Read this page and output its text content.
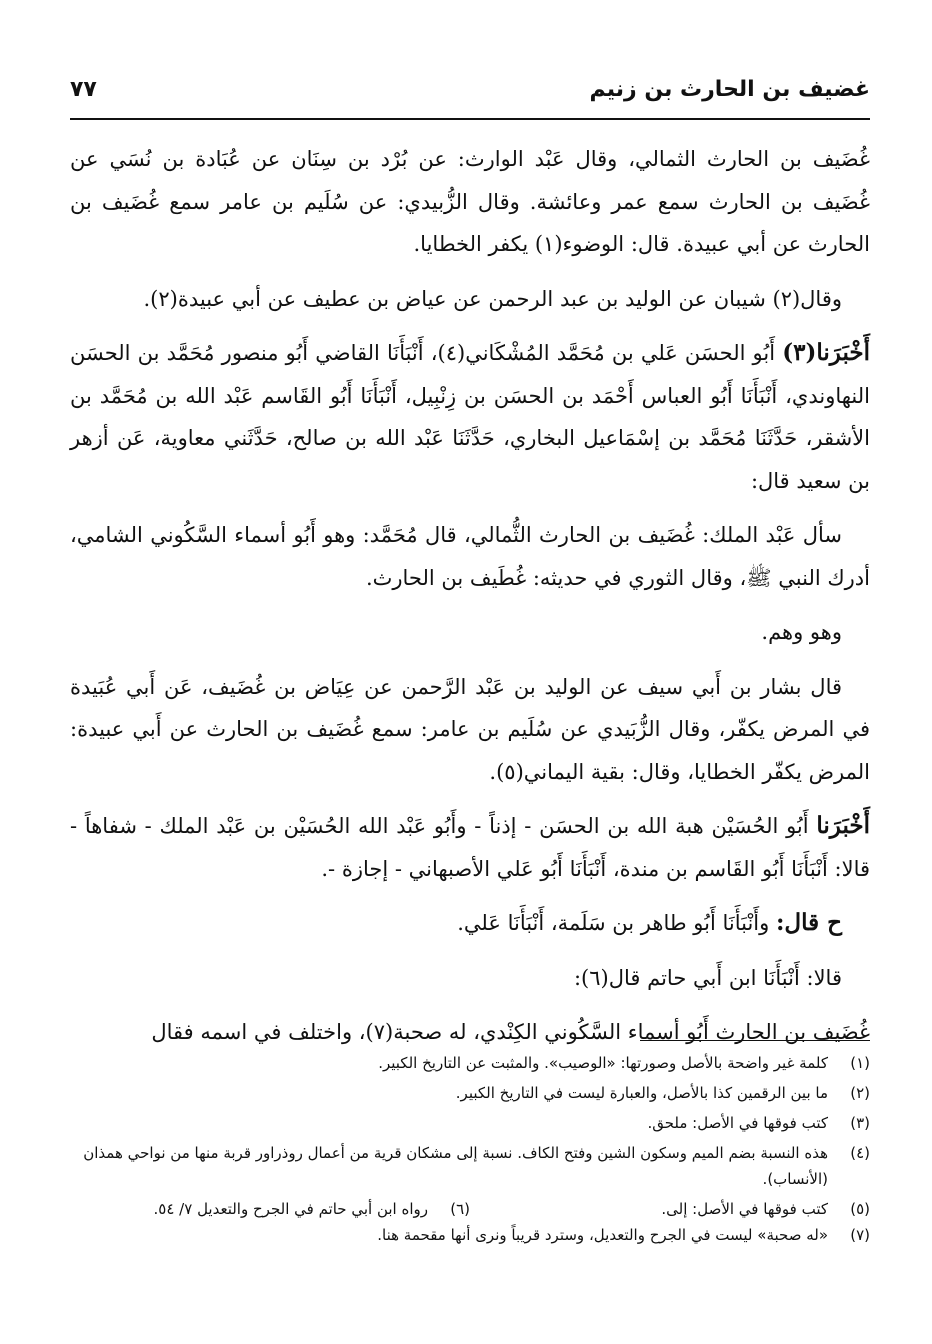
غضيف بن الحارث بن زنيم
٧٧

غُضَيف بن الحارث الثمالي، وقال عَبْد الوارث: عن بُرْد بن سِنَان عن عُبَادة بن نُسَي عن غُضَيف بن الحارث سمع عمر وعائشة. وقال الزُّبيدي: عن سُلَيم بن عامر سمع غُضَيف بن الحارث عن أبي عبيدة. قال: الوضوء(١) يكفر الخطايا.

وقال(٢) شيبان عن الوليد بن عبد الرحمن عن عياض بن عطيف عن أبي عبيدة(٢).

أَخْبَرَنا(٣) أَبُو الحسَن عَلي بن مُحَمَّد المُشْكَاني(٤)، أَنْبَأَنَا القاضي أَبُو منصور مُحَمَّد بن الحسَن النهاوندي، أَنْبَأَنَا أَبُو العباس أَحْمَد بن الحسَن بن زِنْبِيل، أَنْبَأَنَا أَبُو القَاسم عَبْد الله بن مُحَمَّد بن الأشقر، حَدَّثَنَا مُحَمَّد بن إسْمَاعيل البخاري، حَدَّثَنَا عَبْد الله بن صالح، حَدَّثَني معاوية، عَن أزهر بن سعيد قال:

سأل عَبْد الملك: غُضَيف بن الحارث الثُّمالي، قال مُحَمَّد: وهو أَبُو أسماء السَّكُوني الشامي، أدرك النبي ﷺ، وقال الثوري في حديثه: غُطَيف بن الحارث.

وهو وهم.

قال بشار بن أَبي سيف عن الوليد بن عَبْد الرَّحمن عن عِيَاض بن غُضَيف، عَن أَبي عُبَيدة في المرض يكفّر، وقال الزُّبَيدي عن سُلَيم بن عامر: سمع غُضَيف بن الحارث عن أَبي عبيدة: المرض يكفّر الخطايا، وقال: بقية اليماني(٥).

أَخْبَرَنا أَبُو الحُسَيْن هبة الله بن الحسَن - إذناً - وأَبُو عَبْد الله الحُسَيْن بن عَبْد الملك - شفاهاً - قالا: أَنْبَأَنَا أَبُو القَاسم بن مندة، أَنْبَأَنَا أَبُو عَلي الأصبهاني - إجازة -.

ح قال: وأَنْبَأَنَا أَبُو طاهر بن سَلَمة، أَنْبَأَنَا عَلي.

قالا: أَنْبَأَنَا ابن أَبي حاتم قال(٦):

غُضَيف بن الحارث أَبُو أسماء السَّكُوني الكِنْدي، له صحبة(٧)، واختلف في اسمه فقال

(١)
كلمة غير واضحة بالأصل وصورتها: «الوصيب». والمثبت عن التاريخ الكبير.
(٢)
ما بين الرقمين كذا بالأصل، والعبارة ليست في التاريخ الكبير.
(٣)
كتب فوقها في الأصل: ملحق.
(٤)
هذه النسبة بضم الميم وسكون الشين وفتح الكاف. نسبة إلى مشكان قرية من أعمال روذراور قربة منها من نواحي همذان (الأنساب).
(٥)
كتب فوقها في الأصل: إلى.
(٦)
رواه ابن أبي حاتم في الجرح والتعديل ٧/ ٥٤.
(٧)
«له صحبة» ليست في الجرح والتعديل، وسترد قريباً ونرى أنها مقحمة هنا.
